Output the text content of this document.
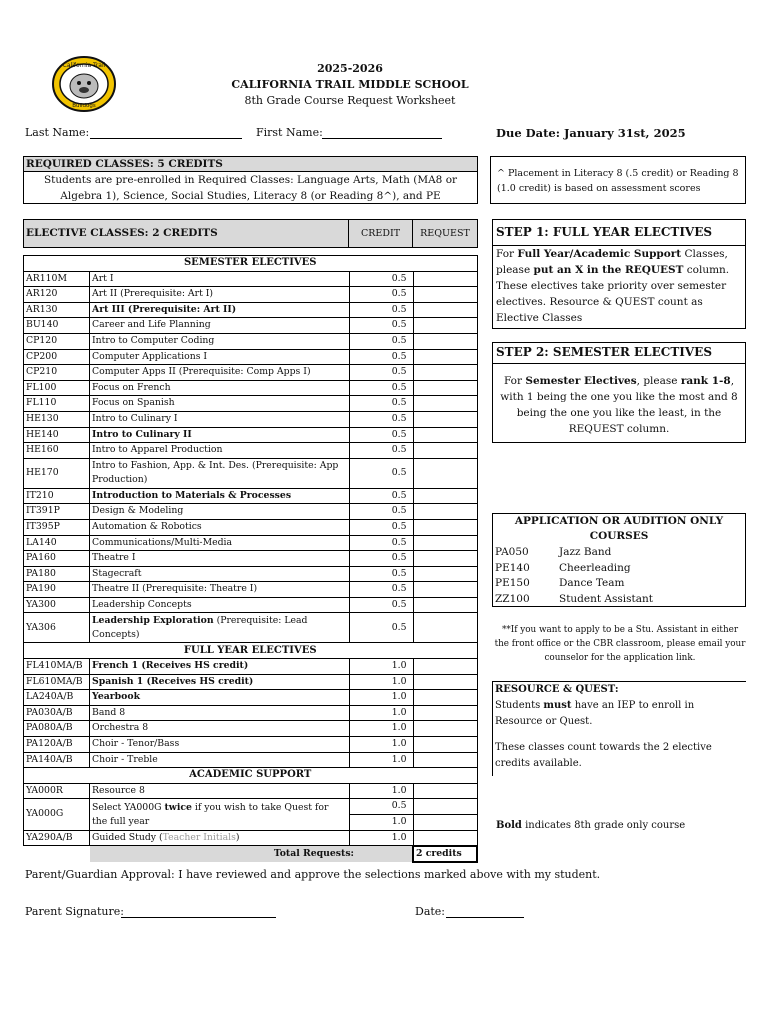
California Trail
Bulldogs
2025-2026
CALIFORNIA TRAIL MIDDLE SCHOOL
8th Grade Course Request Worksheet
Last Name:	First Name:	Due Date: January 31st, 2025
REQUIRED CLASSES: 5 CREDITS
Students are pre-enrolled in Required Classes: Language Arts, Math (MA8 or Algebra 1), Science, Social Studies, Literacy 8 (or Reading 8^), and PE
^ Placement in Literacy 8 (.5 credit) or Reading 8 (1.0 credit) is based on assessment scores
ELECTIVE CLASSES: 2 CREDITS	CREDIT	REQUEST
SEMESTER ELECTIVES			
AR110M	Art I	0.5	
AR120	Art II (Prerequisite: Art I)	0.5	
AR130	Art III (Prerequisite: Art II)	0.5	
BU140	Career and Life Planning	0.5	
CP120	Intro to Computer Coding	0.5	
CP200	Computer Applications I	0.5	
CP210	Computer Apps II (Prerequisite: Comp Apps I)	0.5	
FL100	Focus on French	0.5	
FL110	Focus on Spanish	0.5	
HE130	Intro to Culinary I	0.5	
HE140	Intro to Culinary II	0.5	
HE160	Intro to Apparel Production	0.5	
HE170	Intro to Fashion, App. & Int. Des. (Prerequisite: App Production)	0.5	
IT210	Introduction to Materials & Processes	0.5	
IT391P	Design & Modeling	0.5	
IT395P	Automation & Robotics	0.5	
LA140	Communications/Multi-Media	0.5	
PA160	Theatre I	0.5	
PA180	Stagecraft	0.5	
PA190	Theatre II (Prerequisite: Theatre I)	0.5	
YA300	Leadership Concepts	0.5	
YA306	Leadership Exploration (Prerequisite: Lead Concepts)	0.5	
FULL YEAR ELECTIVES			
FL410MA/B	French 1 (Receives HS credit)	1.0	
FL610MA/B	Spanish 1 (Receives HS credit)	1.0	
LA240A/B	Yearbook	1.0	
PA030A/B	Band 8	1.0	
PA080A/B	Orchestra 8	1.0	
PA120A/B	Choir - Tenor/Bass	1.0	
PA140A/B	Choir - Treble	1.0	
ACADEMIC SUPPORT			
YA000R	Resource 8	1.0	
YA000G	Select YA000G twice if you wish to take Quest for the full year	0.5	
		1.0	
YA290A/B	Guided Study (Teacher Initials)	1.0	
	Total Requests:		2 credits
STEP 1: FULL YEAR ELECTIVES
For Full Year/Academic Support Classes, please put an X in the REQUEST column. These electives take priority over semester electives. Resource & QUEST count as Elective Classes
STEP 2: SEMESTER ELECTIVES
For Semester Electives, please rank 1-8, with 1 being the one you like the most and 8 being the one you like the least, in the REQUEST column.
APPLICATION OR AUDITION ONLY COURSES
PA050	Jazz Band
PE140	Cheerleading
PE150	Dance Team
ZZ100	Student Assistant
**If you want to apply to be a Stu. Assistant in either the front office or the CBR classroom, please email your counselor for the application link.
RESOURCE & QUEST:
Students must have an IEP to enroll in Resource or Quest.
These classes count towards the 2 elective credits available.
Bold indicates 8th grade only course
Parent/Guardian Approval: I have reviewed and approve the selections marked above with my student.
Parent Signature:	Date:
